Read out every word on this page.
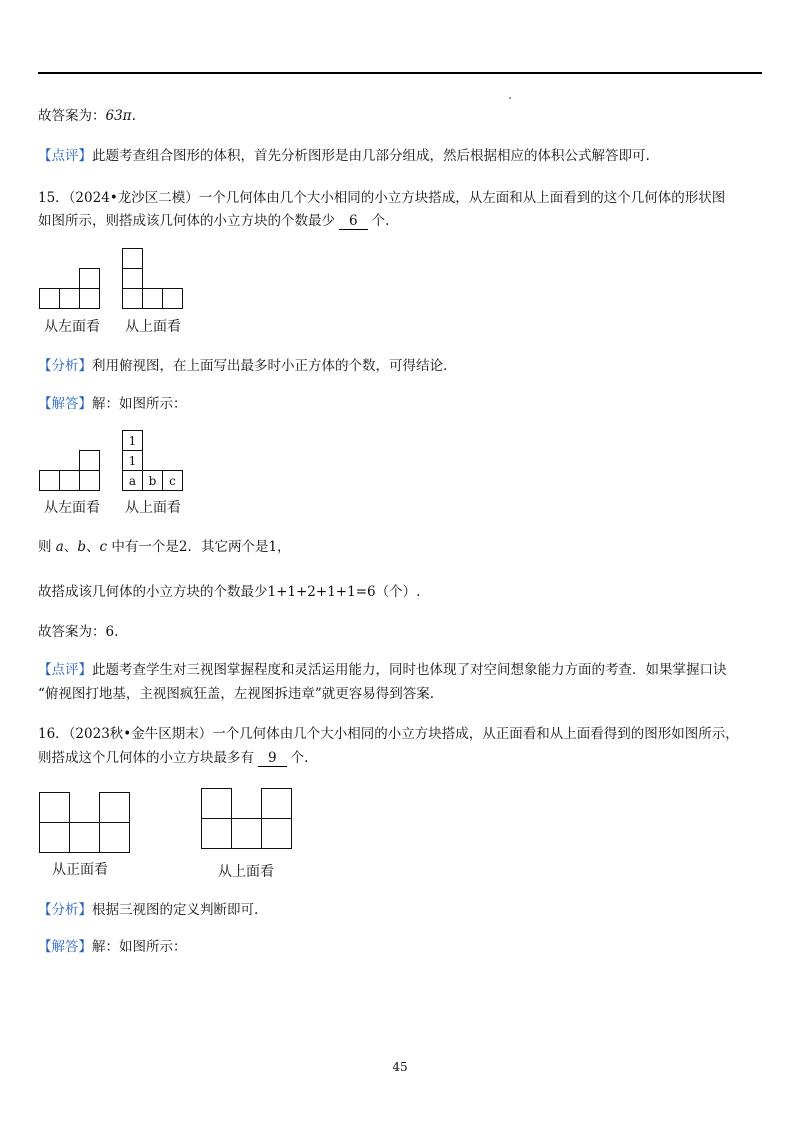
故答案为：63π.
【点评】此题考查组合图形的体积，首先分析图形是由几部分组成，然后根据相应的体积公式解答即可.
15．（2024•龙沙区二模）一个几何体由几个大小相同的小立方块搭成，从左面和从上面看到的这个几何体的形状图
如图所示，则搭成该几何体的小立方块的个数最少 6 个.
从左面看 从上面看
【分析】利用俯视图，在上面写出最多时小正方体的个数，可得结论.
【解答】解：如图所示：
从左面看
1
1
a	b	c
从上面看
则 a、b、c 中有一个是2．其它两个是1，
故搭成该几何体的小立方块的个数最少1+1+2+1+1=6（个）.
故答案为：6.
【点评】此题考查学生对三视图掌握程度和灵活运用能力，同时也体现了对空间想象能力方面的考查．如果掌握口诀
“俯视图打地基，主视图疯狂盖，左视图拆违章”就更容易得到答案.
16．（2023秋•金牛区期末）一个几何体由几个大小相同的小立方块搭成，从正面看和从上面看得到的图形如图所示，
则搭成这个几何体的小立方块最多有 9 个.
从正面看	从上面看
【分析】根据三视图的定义判断即可.
【解答】解：如图所示：
45
